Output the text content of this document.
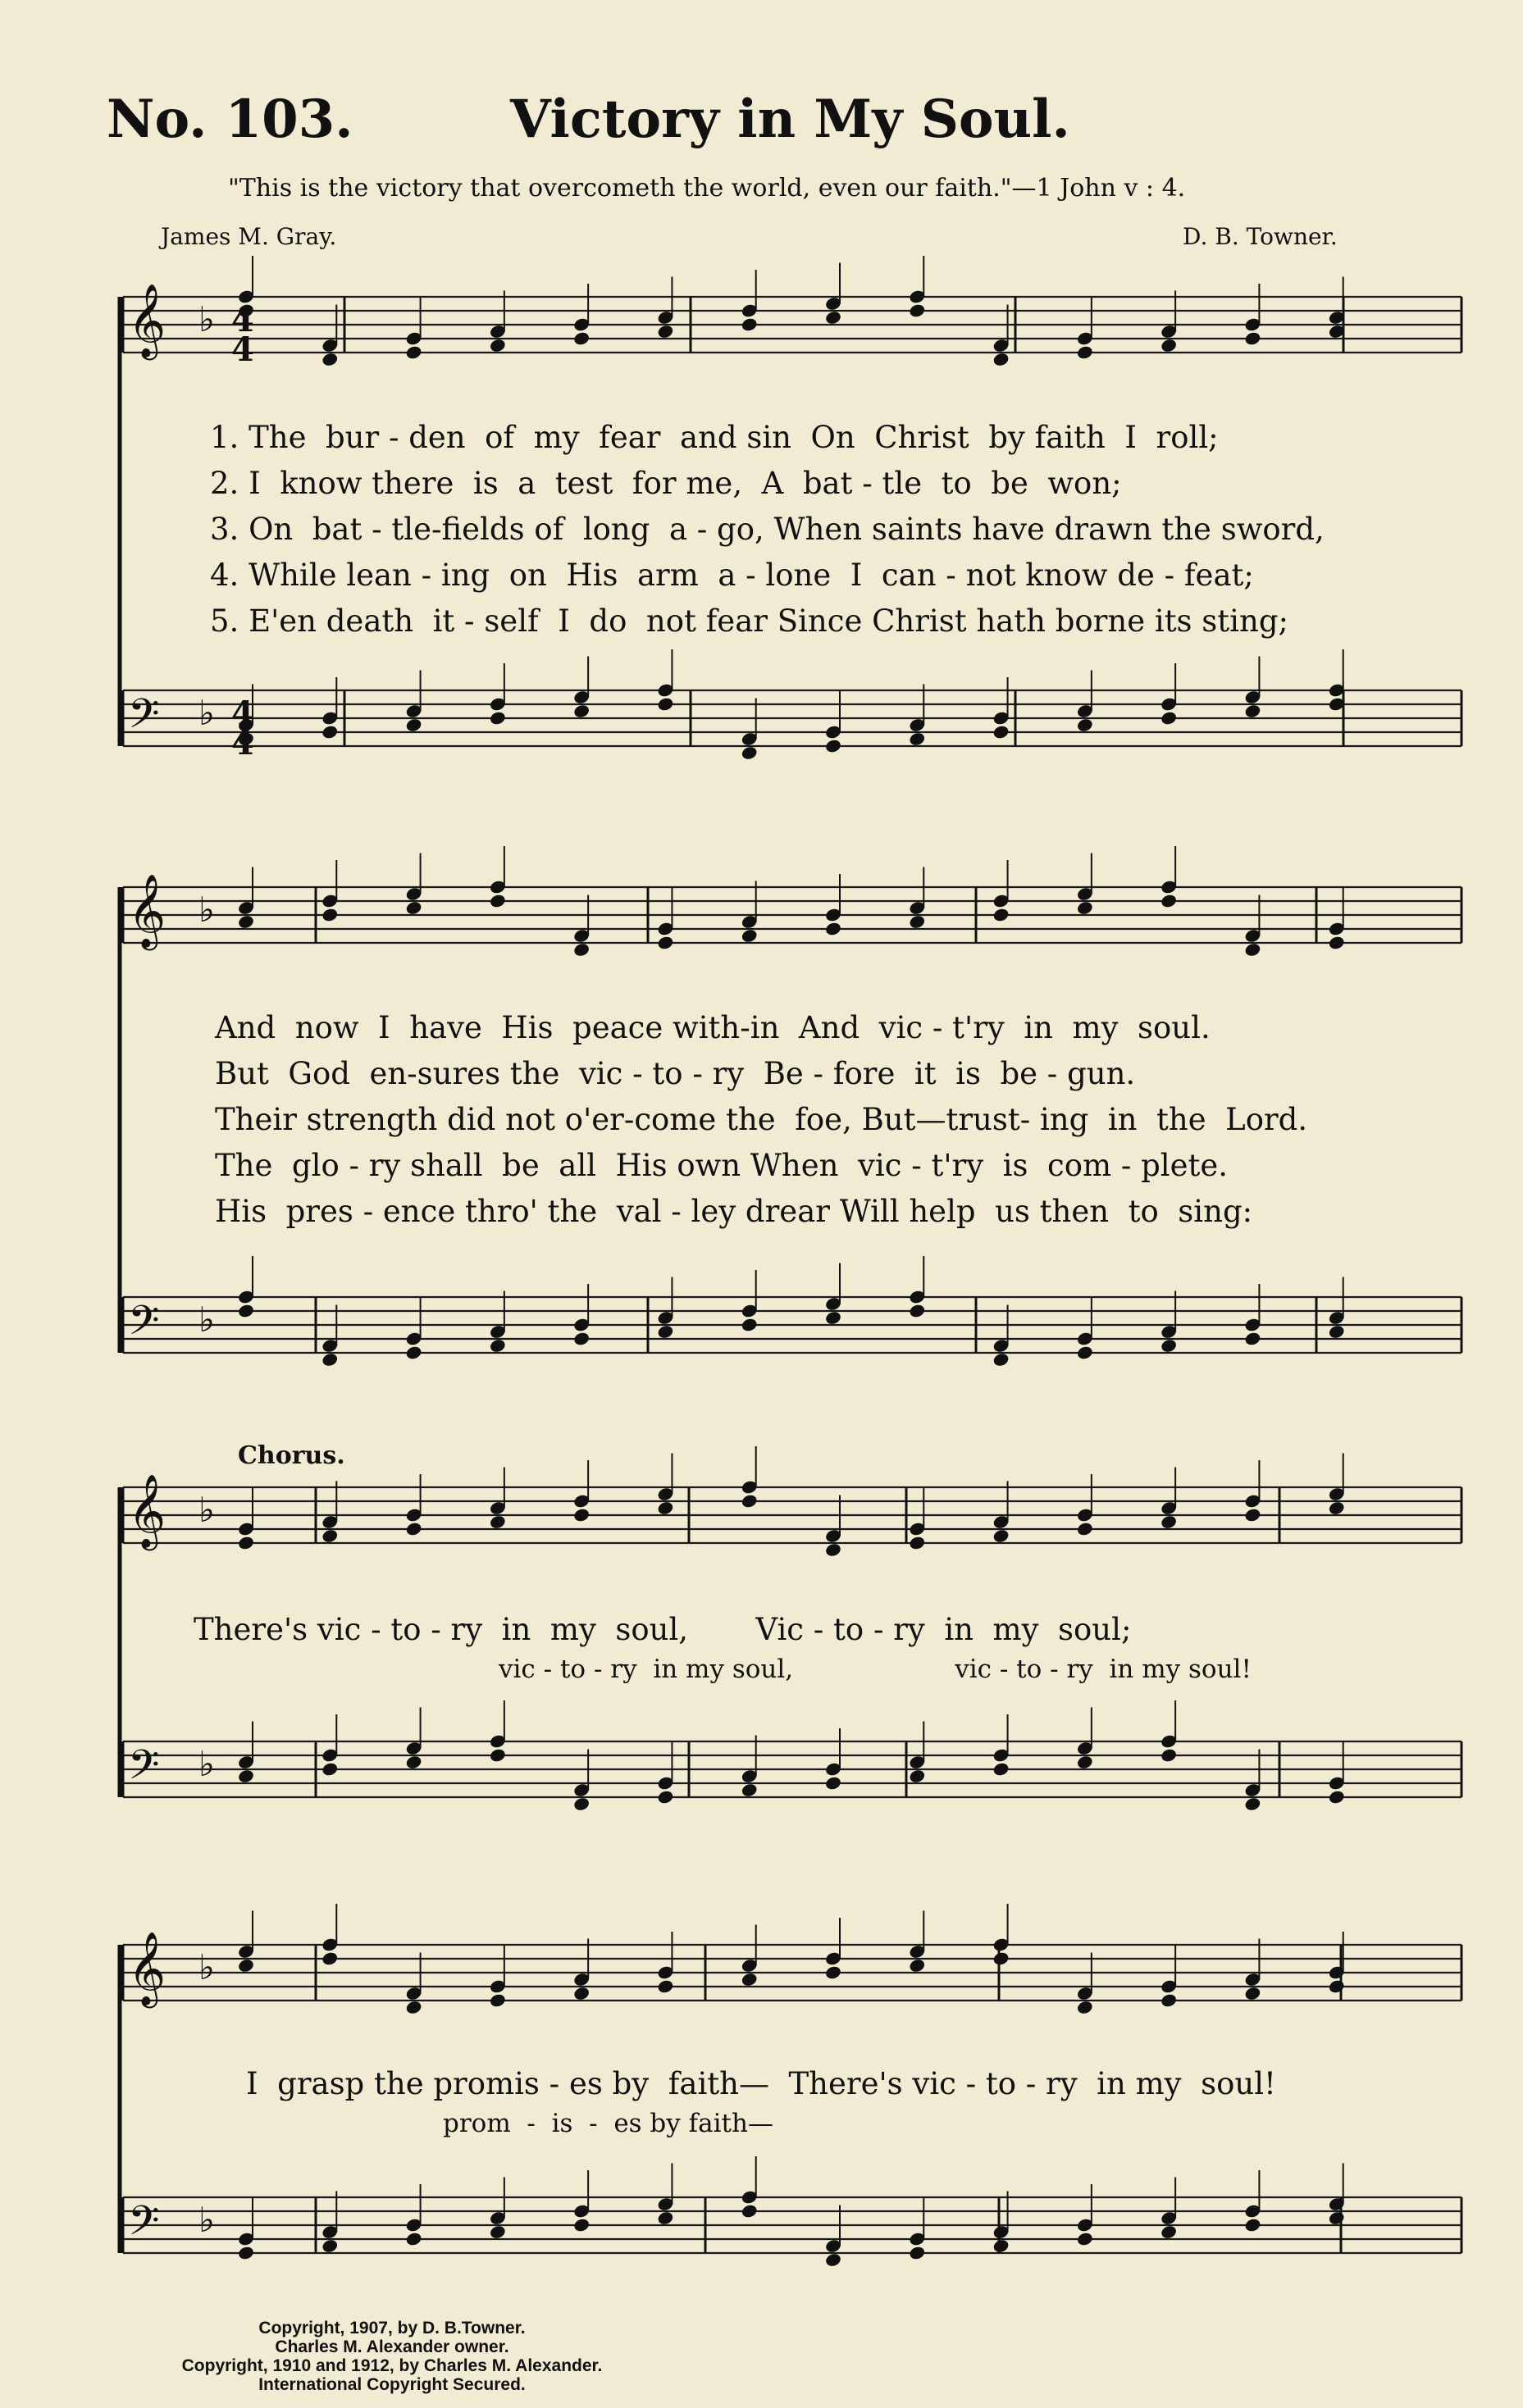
No. 103.	Victory in My Soul.
"This is the victory that overcometh the world, even our faith."—1 John v : 4.
James M. Gray.	D. B. Towner.
𝄞 ♭
𝄢 ♭
𝄞 ♭
𝄢 ♭
𝄞 ♭
𝄢 ♭
𝄞 ♭
𝄢 ♭
4
4
4
4
1. The  bur - den  of  my  fear  and sin  On  Christ  by faith  I  roll;
2. I  know there  is  a  test  for me,  A  bat - tle  to  be  won;
3. On  bat - tle-fields of  long  a - go, When saints have drawn the sword,
4. While lean - ing  on  His  arm  a - lone  I  can - not know de - feat;
5. E'en death  it - self  I  do  not fear Since Christ hath borne its sting;
And  now  I  have  His  peace with-in  And  vic - t'ry  in  my  soul.
But  God  en-sures the  vic - to - ry  Be - fore  it  is  be - gun.
Their strength did not o'er-come the  foe, But—trust- ing  in  the  Lord.
The  glo - ry shall  be  all  His own When  vic - t'ry  is  com - plete.
His  pres - ence thro' the  val - ley drear Will help  us then  to  sing:
Chorus.
There's vic - to - ry  in  my  soul,       Vic - to - ry  in  my  soul;
vic - to - ry  in my soul,                    vic - to - ry  in my soul!
I  grasp the promis - es by  faith—  There's vic - to - ry  in my  soul!
prom  -  is  -  es by faith—
Copyright, 1907, by D. B.Towner.
Charles M. Alexander owner.
Copyright, 1910 and 1912, by Charles M. Alexander.
International Copyright Secured.
